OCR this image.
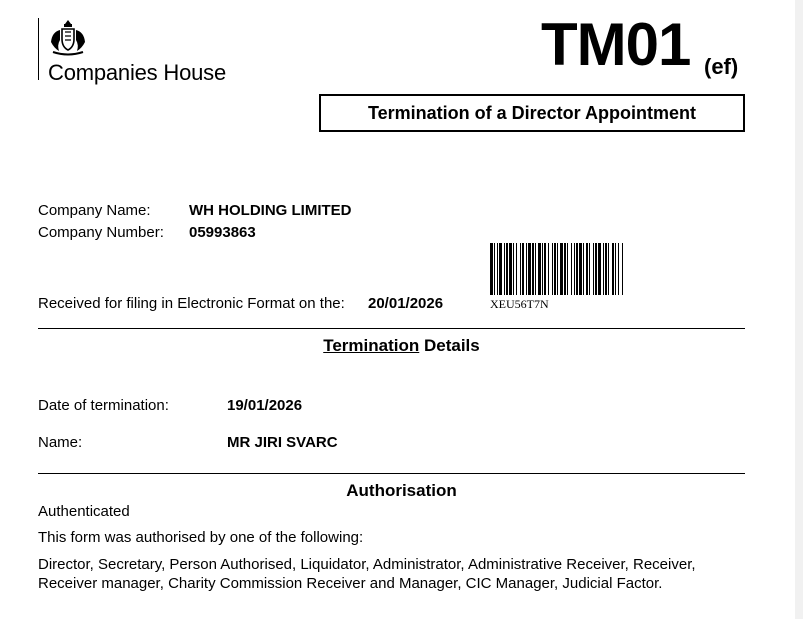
Companies House	TM01 (ef)
Termination of a Director Appointment
Company Name:	WH HOLDING LIMITED
Company Number: 05993863
XEU56T7N
Received for filing in Electronic Format on the: 20/01/2026
Termination Details
Date of termination:	19/01/2026
Name:	MR JIRI SVARC
Authorisation
Authenticated
This form was authorised by one of the following:
Director, Secretary, Person Authorised, Liquidator, Administrator, Administrative Receiver, Receiver,
Receiver manager, Charity Commission Receiver and Manager, CIC Manager, Judicial Factor.
